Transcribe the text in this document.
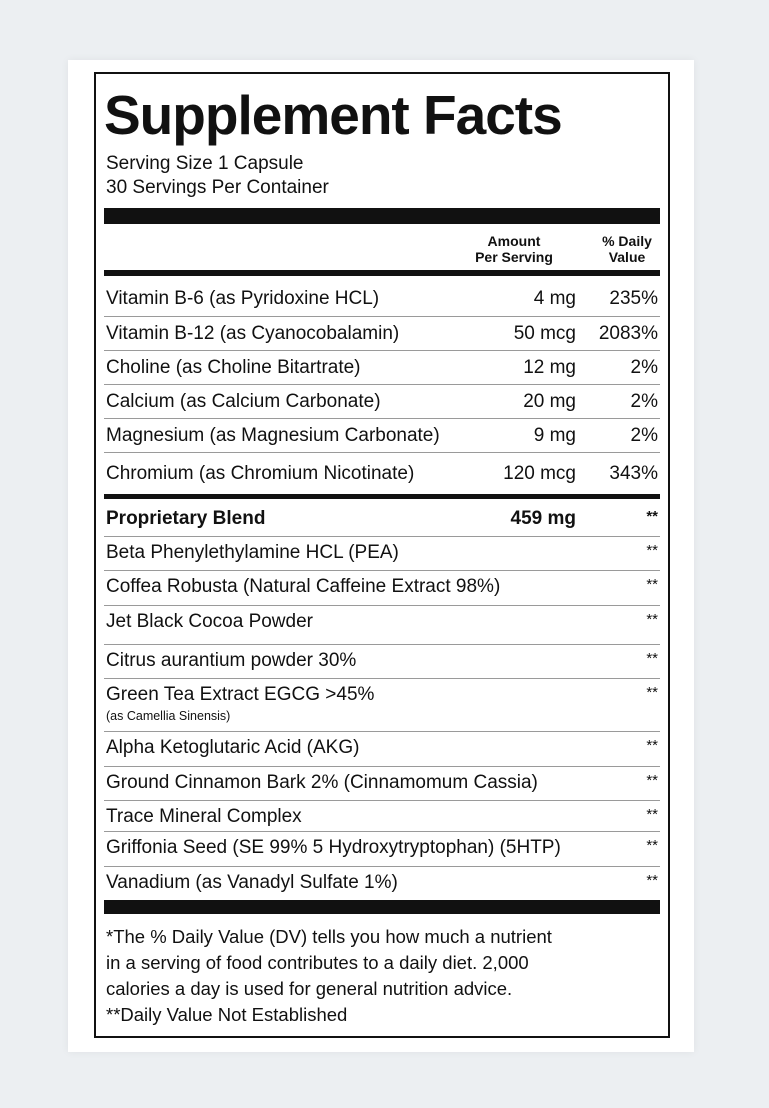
Supplement Facts
Serving Size 1 Capsule
30 Servings Per Container
Amount
Per Serving
% Daily
Value
Vitamin B-6 (as Pyridoxine HCL)	4 mg 235%
Vitamin B-12 (as Cyanocobalamin)	50 mcg 2083%
Choline (as Choline Bitartrate)	12 mg	2%
Calcium (as Calcium Carbonate)	20 mg	2%
Magnesium (as Magnesium Carbonate)	9 mg	2%
Chromium (as Chromium Nicotinate)	120 mcg 343%
Proprietary Blend	459 mg	**
Beta Phenylethylamine HCL (PEA)	**
Coffea Robusta (Natural Caffeine Extract 98%)	**
Jet Black Cocoa Powder	**
Citrus aurantium powder 30%	**
Green Tea Extract EGCG >45%	**
(as Camellia Sinensis)
Alpha Ketoglutaric Acid (AKG)	**
Ground Cinnamon Bark 2% (Cinnamomum Cassia)	**
Trace Mineral Complex	**
Griffonia Seed (SE 99% 5 Hydroxytryptophan) (5HTP)	**
Vanadium (as Vanadyl Sulfate 1%)	**
*The % Daily Value (DV) tells you how much a nutrient
in a serving of food contributes to a daily diet. 2,000
calories a day is used for general nutrition advice.
**Daily Value Not Established
